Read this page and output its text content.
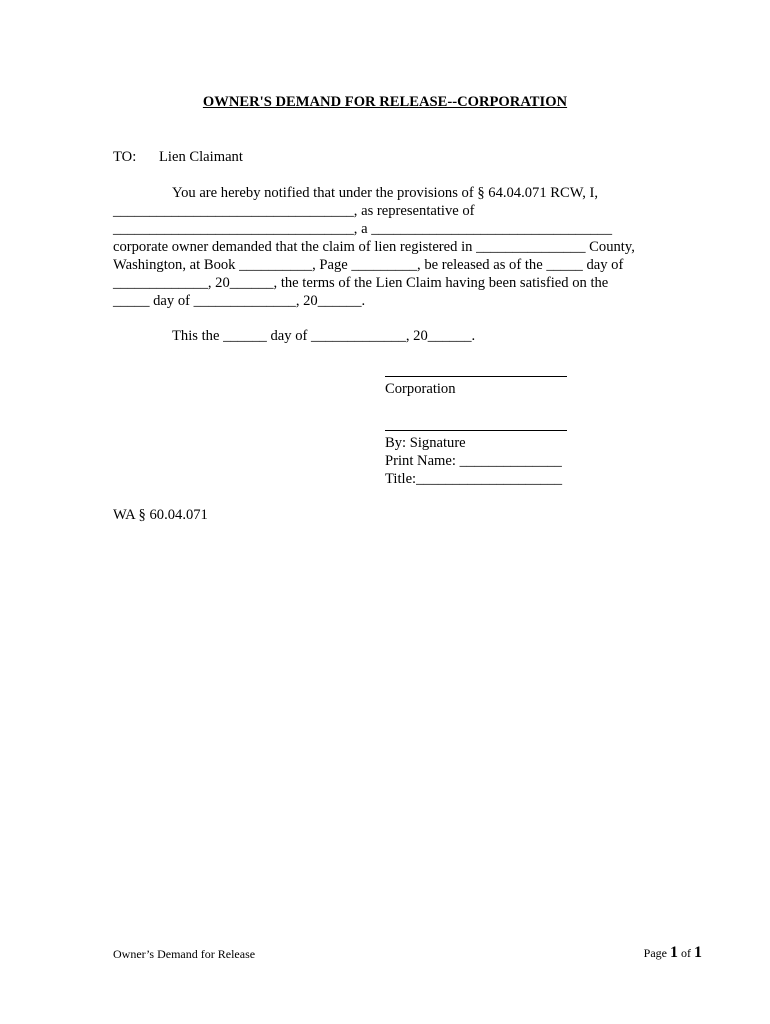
OWNER'S DEMAND FOR RELEASE--CORPORATION
TO: Lien Claimant
You are hereby notified that under the provisions of § 64.04.071 RCW, I,
_________________________________, as representative of
_________________________________, a _________________________________
corporate owner demanded that the claim of lien registered in _______________ County,
Washington, at Book __________, Page _________, be released as of the _____ day of
_____________, 20______, the terms of the Lien Claim having been satisfied on the
_____ day of ______________, 20______.
This the ______ day of _____________, 20______.
Corporation
By: Signature
Print Name: ______________
Title:____________________
WA § 60.04.071
Owner’s Demand for Release	Page 1 of 1
